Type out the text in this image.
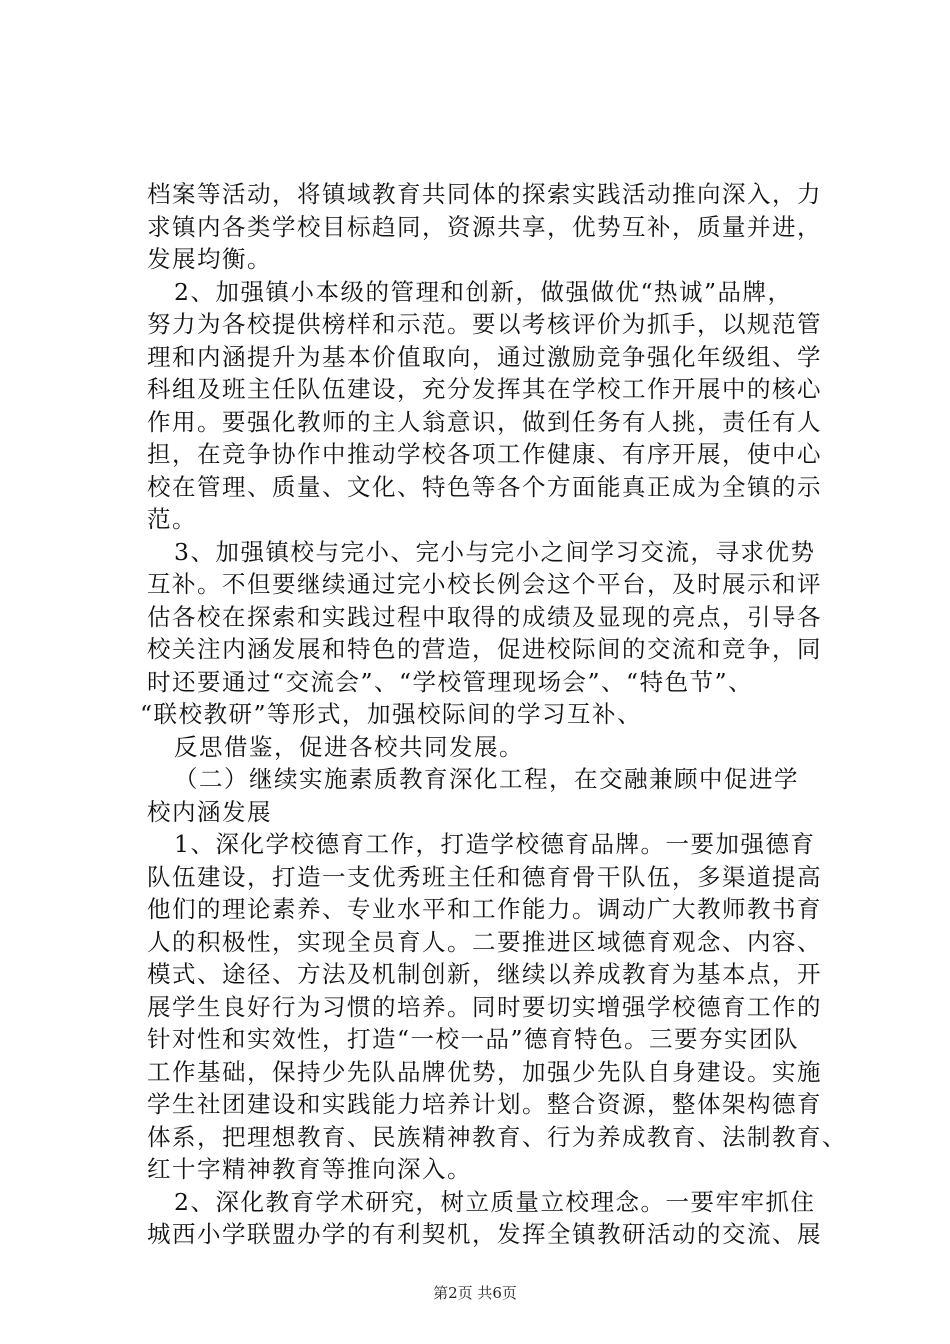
档案等活动，将镇域教育共同体的探索实践活动推向深入，力

求镇内各类学校目标趋同，资源共享，优势互补，质量并进，

发展均衡。

2、加强镇小本级的管理和创新，做强做优“热诚”品牌，

努力为各校提供榜样和示范。要以考核评价为抓手，以规范管

理和内涵提升为基本价值取向，通过激励竞争强化年级组、学

科组及班主任队伍建设，充分发挥其在学校工作开展中的核心

作用。要强化教师的主人翁意识，做到任务有人挑，责任有人

担，在竞争协作中推动学校各项工作健康、有序开展，使中心

校在管理、质量、文化、特色等各个方面能真正成为全镇的示

范。

3、加强镇校与完小、完小与完小之间学习交流，寻求优势

互补。不但要继续通过完小校长例会这个平台，及时展示和评

估各校在探索和实践过程中取得的成绩及显现的亮点，引导各

校关注内涵发展和特色的营造，促进校际间的交流和竞争，同

时还要通过“交流会”、“学校管理现场会”、“特色节”、

“联校教研”等形式，加强校际间的学习互补、

反思借鉴，促进各校共同发展。

（二）继续实施素质教育深化工程，在交融兼顾中促进学

校内涵发展

1、深化学校德育工作，打造学校德育品牌。一要加强德育

队伍建设，打造一支优秀班主任和德育骨干队伍，多渠道提高

他们的理论素养、专业水平和工作能力。调动广大教师教书育

人的积极性，实现全员育人。二要推进区域德育观念、内容、

模式、途径、方法及机制创新，继续以养成教育为基本点，开

展学生良好行为习惯的培养。同时要切实增强学校德育工作的

针对性和实效性，打造“一校一品”德育特色。三要夯实团队

工作基础，保持少先队品牌优势，加强少先队自身建设。实施

学生社团建设和实践能力培养计划。整合资源，整体架构德育

体系，把理想教育、民族精神教育、行为养成教育、法制教育、

红十字精神教育等推向深入。

2、深化教育学术研究，树立质量立校理念。一要牢牢抓住

城西小学联盟办学的有利契机，发挥全镇教研活动的交流、展

第2页 共6页
